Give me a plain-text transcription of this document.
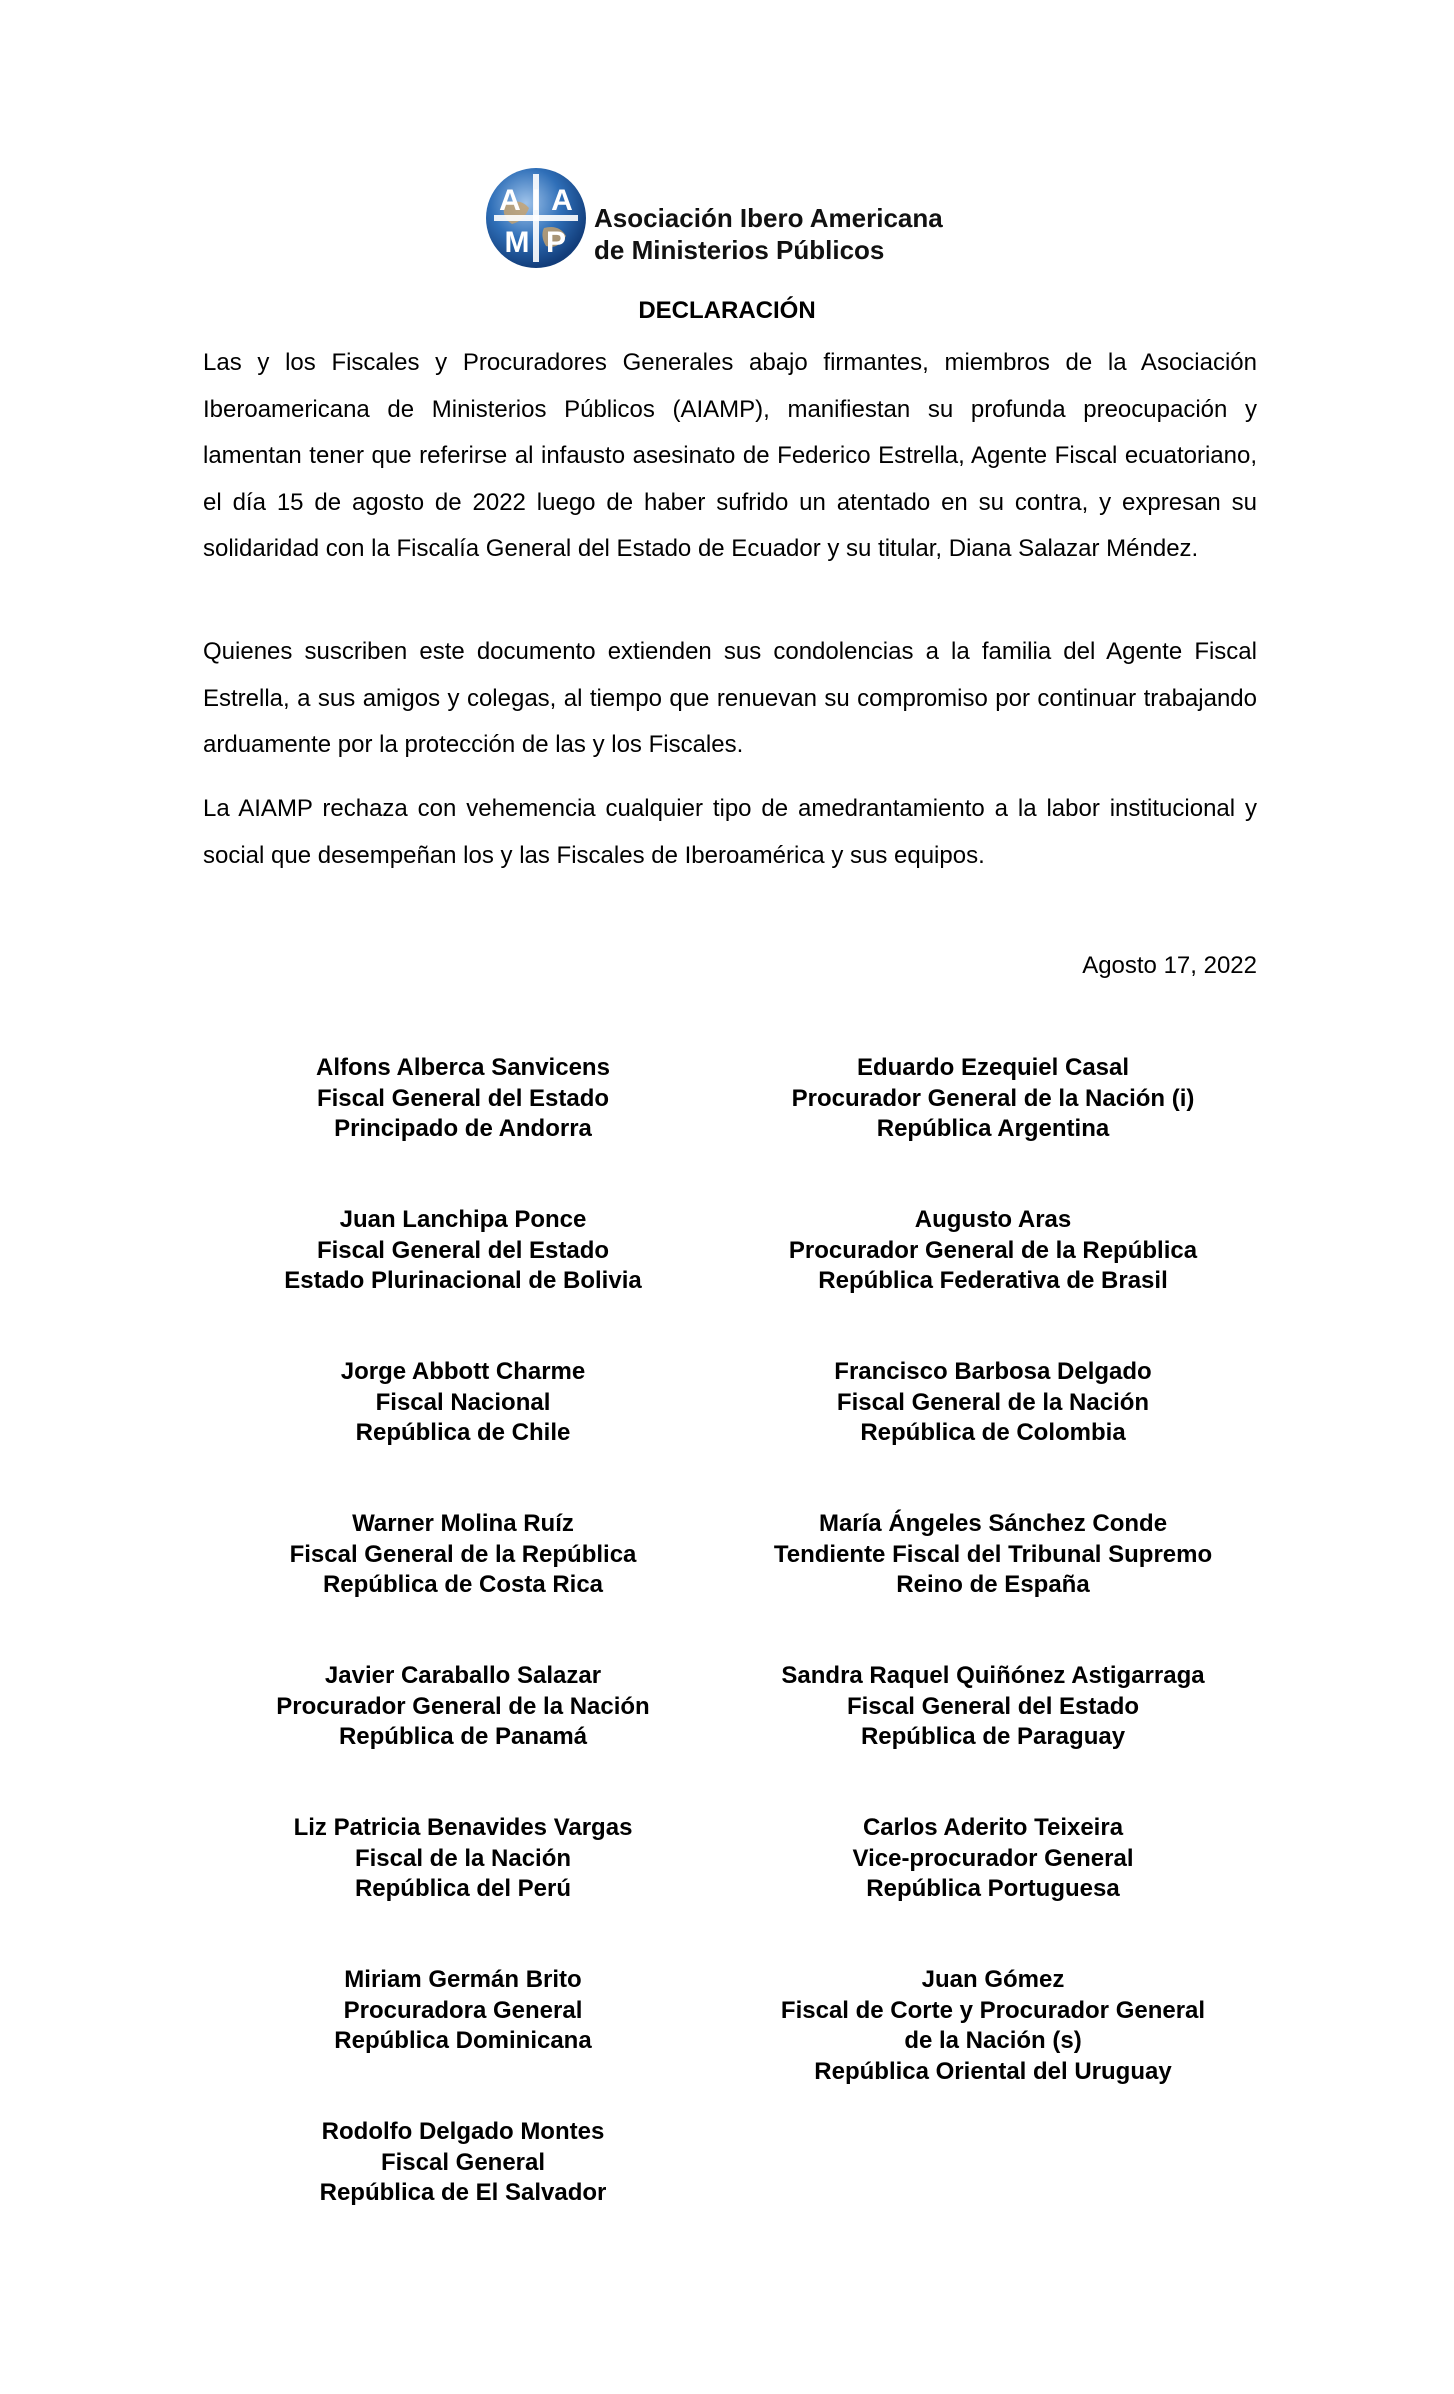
A I A
M P
Asociación Ibero Americana
de Ministerios Públicos
DECLARACIÓN

Las y los Fiscales y Procuradores Generales abajo firmantes, miembros de la Asociación Iberoamericana de Ministerios Públicos (AIAMP), manifiestan su profunda preocupación y lamentan tener que referirse al infausto asesinato de Federico Estrella, Agente Fiscal ecuatoriano, el día 15 de agosto de 2022 luego de haber sufrido un atentado en su contra, y expresan su solidaridad con la Fiscalía General del Estado de Ecuador y su titular, Diana Salazar Méndez.

Quienes suscriben este documento extienden sus condolencias a la familia del Agente Fiscal Estrella, a sus amigos y colegas, al tiempo que renuevan su compromiso por continuar trabajando arduamente por la protección de las y los Fiscales.

La AIAMP rechaza con vehemencia cualquier tipo de amedrantamiento a la labor institucional y social que desempeñan los y las Fiscales de Iberoamérica y sus equipos.

Agosto 17, 2022
Alfons Alberca Sanvicens
Fiscal General del Estado
Principado de Andorra
Eduardo Ezequiel Casal
Procurador General de la Nación (i)
República Argentina
Juan Lanchipa Ponce
Fiscal General del Estado
Estado Plurinacional de Bolivia
Augusto Aras
Procurador General de la República
República Federativa de Brasil
Jorge Abbott Charme
Fiscal Nacional
República de Chile
Francisco Barbosa Delgado
Fiscal General de la Nación
República de Colombia
Warner Molina Ruíz
Fiscal General de la República
República de Costa Rica
María Ángeles Sánchez Conde
Tendiente Fiscal del Tribunal Supremo
Reino de España
Javier Caraballo Salazar
Procurador General de la Nación
República de Panamá
Sandra Raquel Quiñónez Astigarraga
Fiscal General del Estado
República de Paraguay
Liz Patricia Benavides Vargas
Fiscal de la Nación
República del Perú
Carlos Aderito Teixeira
Vice-procurador General
República Portuguesa
Miriam Germán Brito
Procuradora General
República Dominicana
Juan Gómez
Fiscal de Corte y Procurador General
de la Nación (s)
República Oriental del Uruguay
Rodolfo Delgado Montes
Fiscal General
República de El Salvador
